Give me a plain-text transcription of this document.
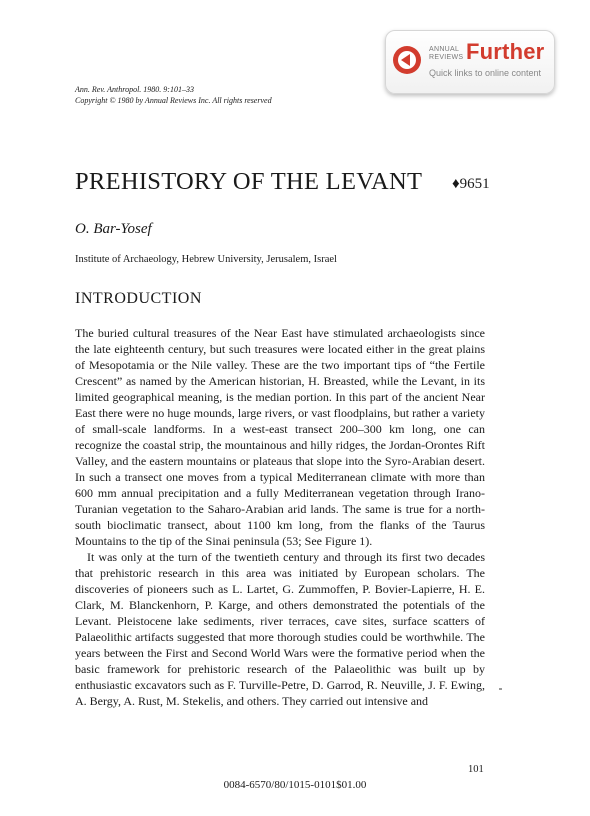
ANNUAL
REVIEWS Further
Quick links to online content
Ann. Rev. Anthropol. 1980. 9:101–33
Copyright © 1980 by Annual Reviews Inc. All rights reserved
PREHISTORY OF THE LEVANT ♦9651
O. Bar-Yosef
Institute of Archaeology, Hebrew University, Jerusalem, Israel
INTRODUCTION

The buried cultural treasures of the Near East have stimulated archaeologists since the late eighteenth century, but such treasures were located either in the great plains of Mesopotamia or the Nile valley. These are the two important tips of “the Fertile Crescent” as named by the American historian, H. Breasted, while the Levant, in its limited geographical meaning, is the median portion. In this part of the ancient Near East there were no huge mounds, large rivers, or vast floodplains, but rather a variety of small-scale landforms. In a west-east transect 200–300 km long, one can recognize the coastal strip, the mountainous and hilly ridges, the Jordan-Orontes Rift Valley, and the eastern mountains or plateaus that slope into the Syro-Arabian desert. In such a transect one moves from a typical Mediterranean climate with more than 600 mm annual precipitation and a fully Mediterranean vegetation through Irano-Turanian vegetation to the Saharo-Arabian arid lands. The same is true for a north-south bioclimatic transect, about 1100 km long, from the flanks of the Taurus Mountains to the tip of the Sinai peninsula (53; See Figure 1).

It was only at the turn of the twentieth century and through its first two decades that prehistoric research in this area was initiated by European scholars. The discoveries of pioneers such as L. Lartet, G. Zummoffen, P. Bovier-Lapierre, H. E. Clark, M. Blanckenhorn, P. Karge, and others demonstrated the potentials of the Levant. Pleistocene lake sediments, river terraces, cave sites, surface scatters of Palaeolithic artifacts suggested that more thorough studies could be worthwhile. The years between the First and Second World Wars were the formative period when the basic framework for prehistoric research of the Palaeolithic was built up by enthusiastic excavators such as F. Turville-Petre, D. Garrod, R. Neuville, J. F. Ewing, A. Bergy, A. Rust, M. Stekelis, and others. They carried out intensive and

101
0084-6570/80/1015-0101$01.00
